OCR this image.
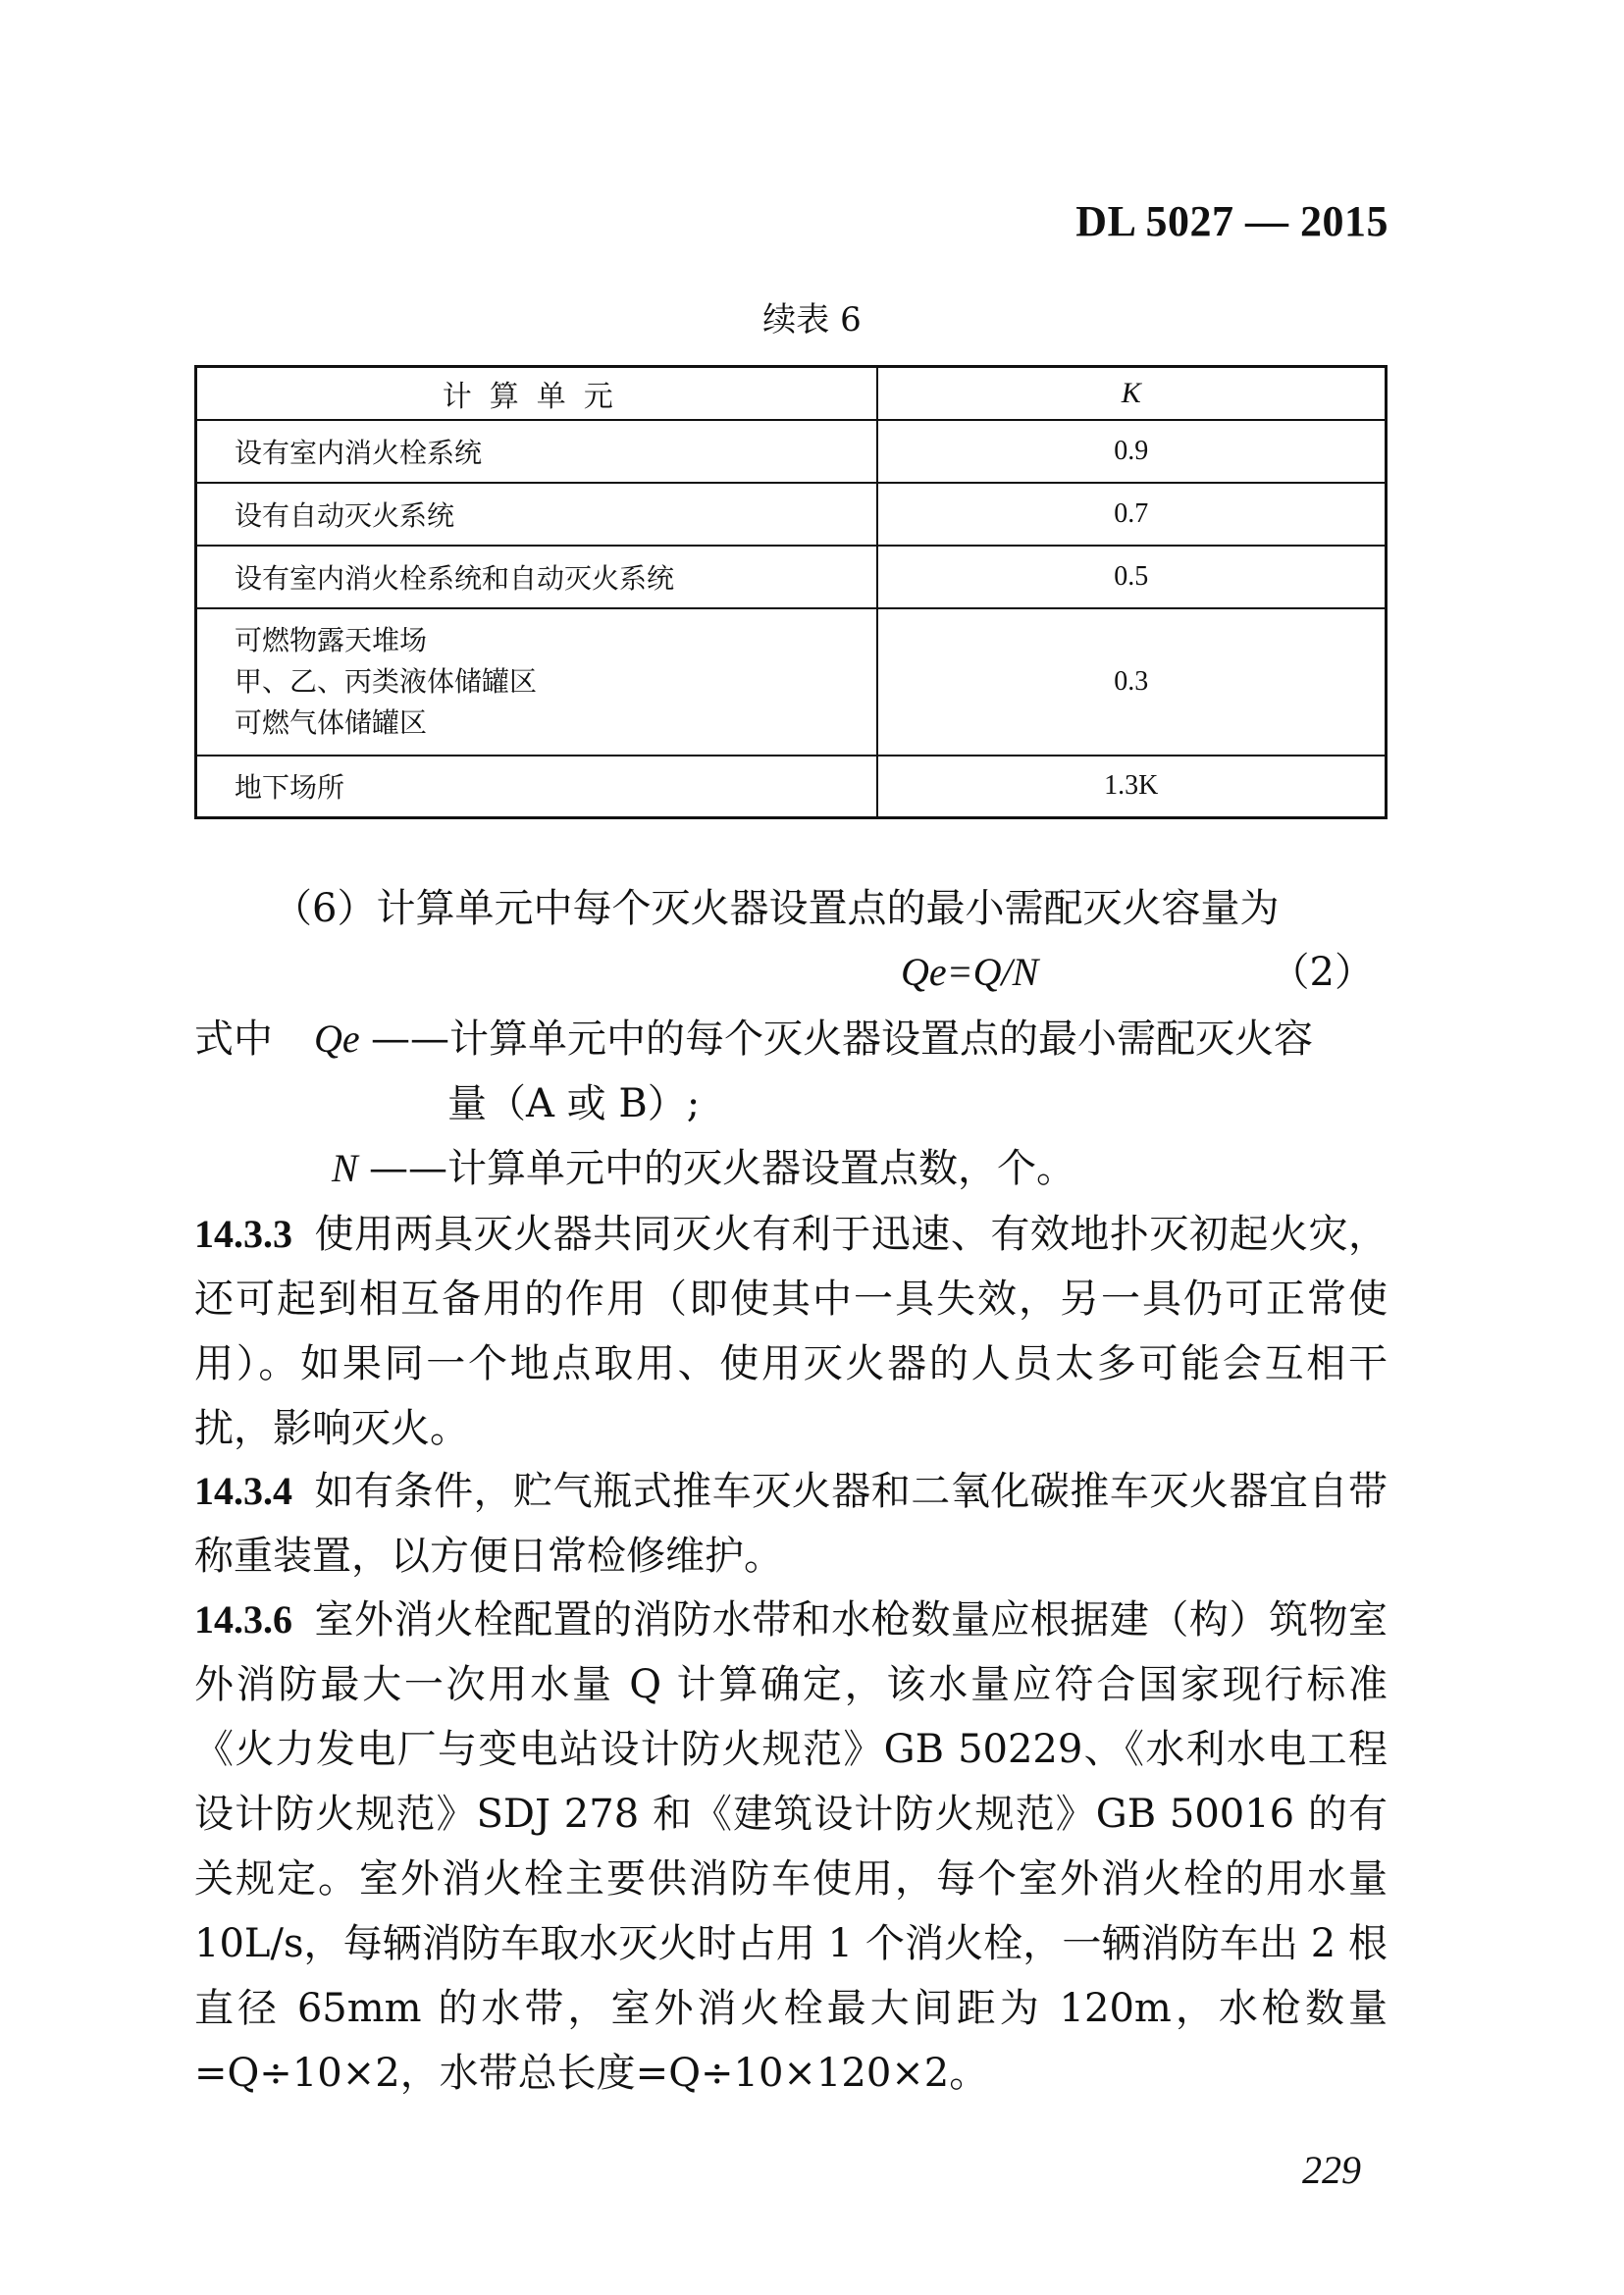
DL 5027 — 2015
续表 6
计算单元	K
设有室内消火栓系统	0.9
设有自动灭火系统	0.7
设有室内消火栓系统和自动灭火系统	0.5

可燃物露天堆场
甲、乙、丙类液体储罐区
可燃气体储罐区	0.3
地下场所	1.3K
（6）计算单元中每个灭火器设置点的最小需配灭火容量为
Qe=Q/N	（2）
式中 Qe ——计算单元中的每个灭火器设置点的最小需配灭火容
量（A 或 B）;
N ——计算单元中的灭火器设置点数，个。
14.3.3 使用两具灭火器共同灭火有利于迅速、有效地扑灭初起火灾，还可起到相互备用的作用（即使其中一具失效，另一具仍可正常使用）。如果同一个地点取用、使用灭火器的人员太多可能会互相干扰，影响灭火。
14.3.4 如有条件，贮气瓶式推车灭火器和二氧化碳推车灭火器宜自带称重装置，以方便日常检修维护。
14.3.6 室外消火栓配置的消防水带和水枪数量应根据建（构）筑物室外消防最大一次用水量 Q 计算确定，该水量应符合国家现行标准《火力发电厂与变电站设计防火规范》GB 50229、《水利水电工程设计防火规范》SDJ 278 和《建筑设计防火规范》GB 50016 的有关规定。室外消火栓主要供消防车使用，每个室外消火栓的用水量 10L/s，每辆消防车取水灭火时占用 1 个消火栓，一辆消防车出 2 根直径 65mm 的水带，室外消火栓最大间距为 120m，水枪数量=Q÷10×2，水带总长度=Q÷10×120×2。
229
